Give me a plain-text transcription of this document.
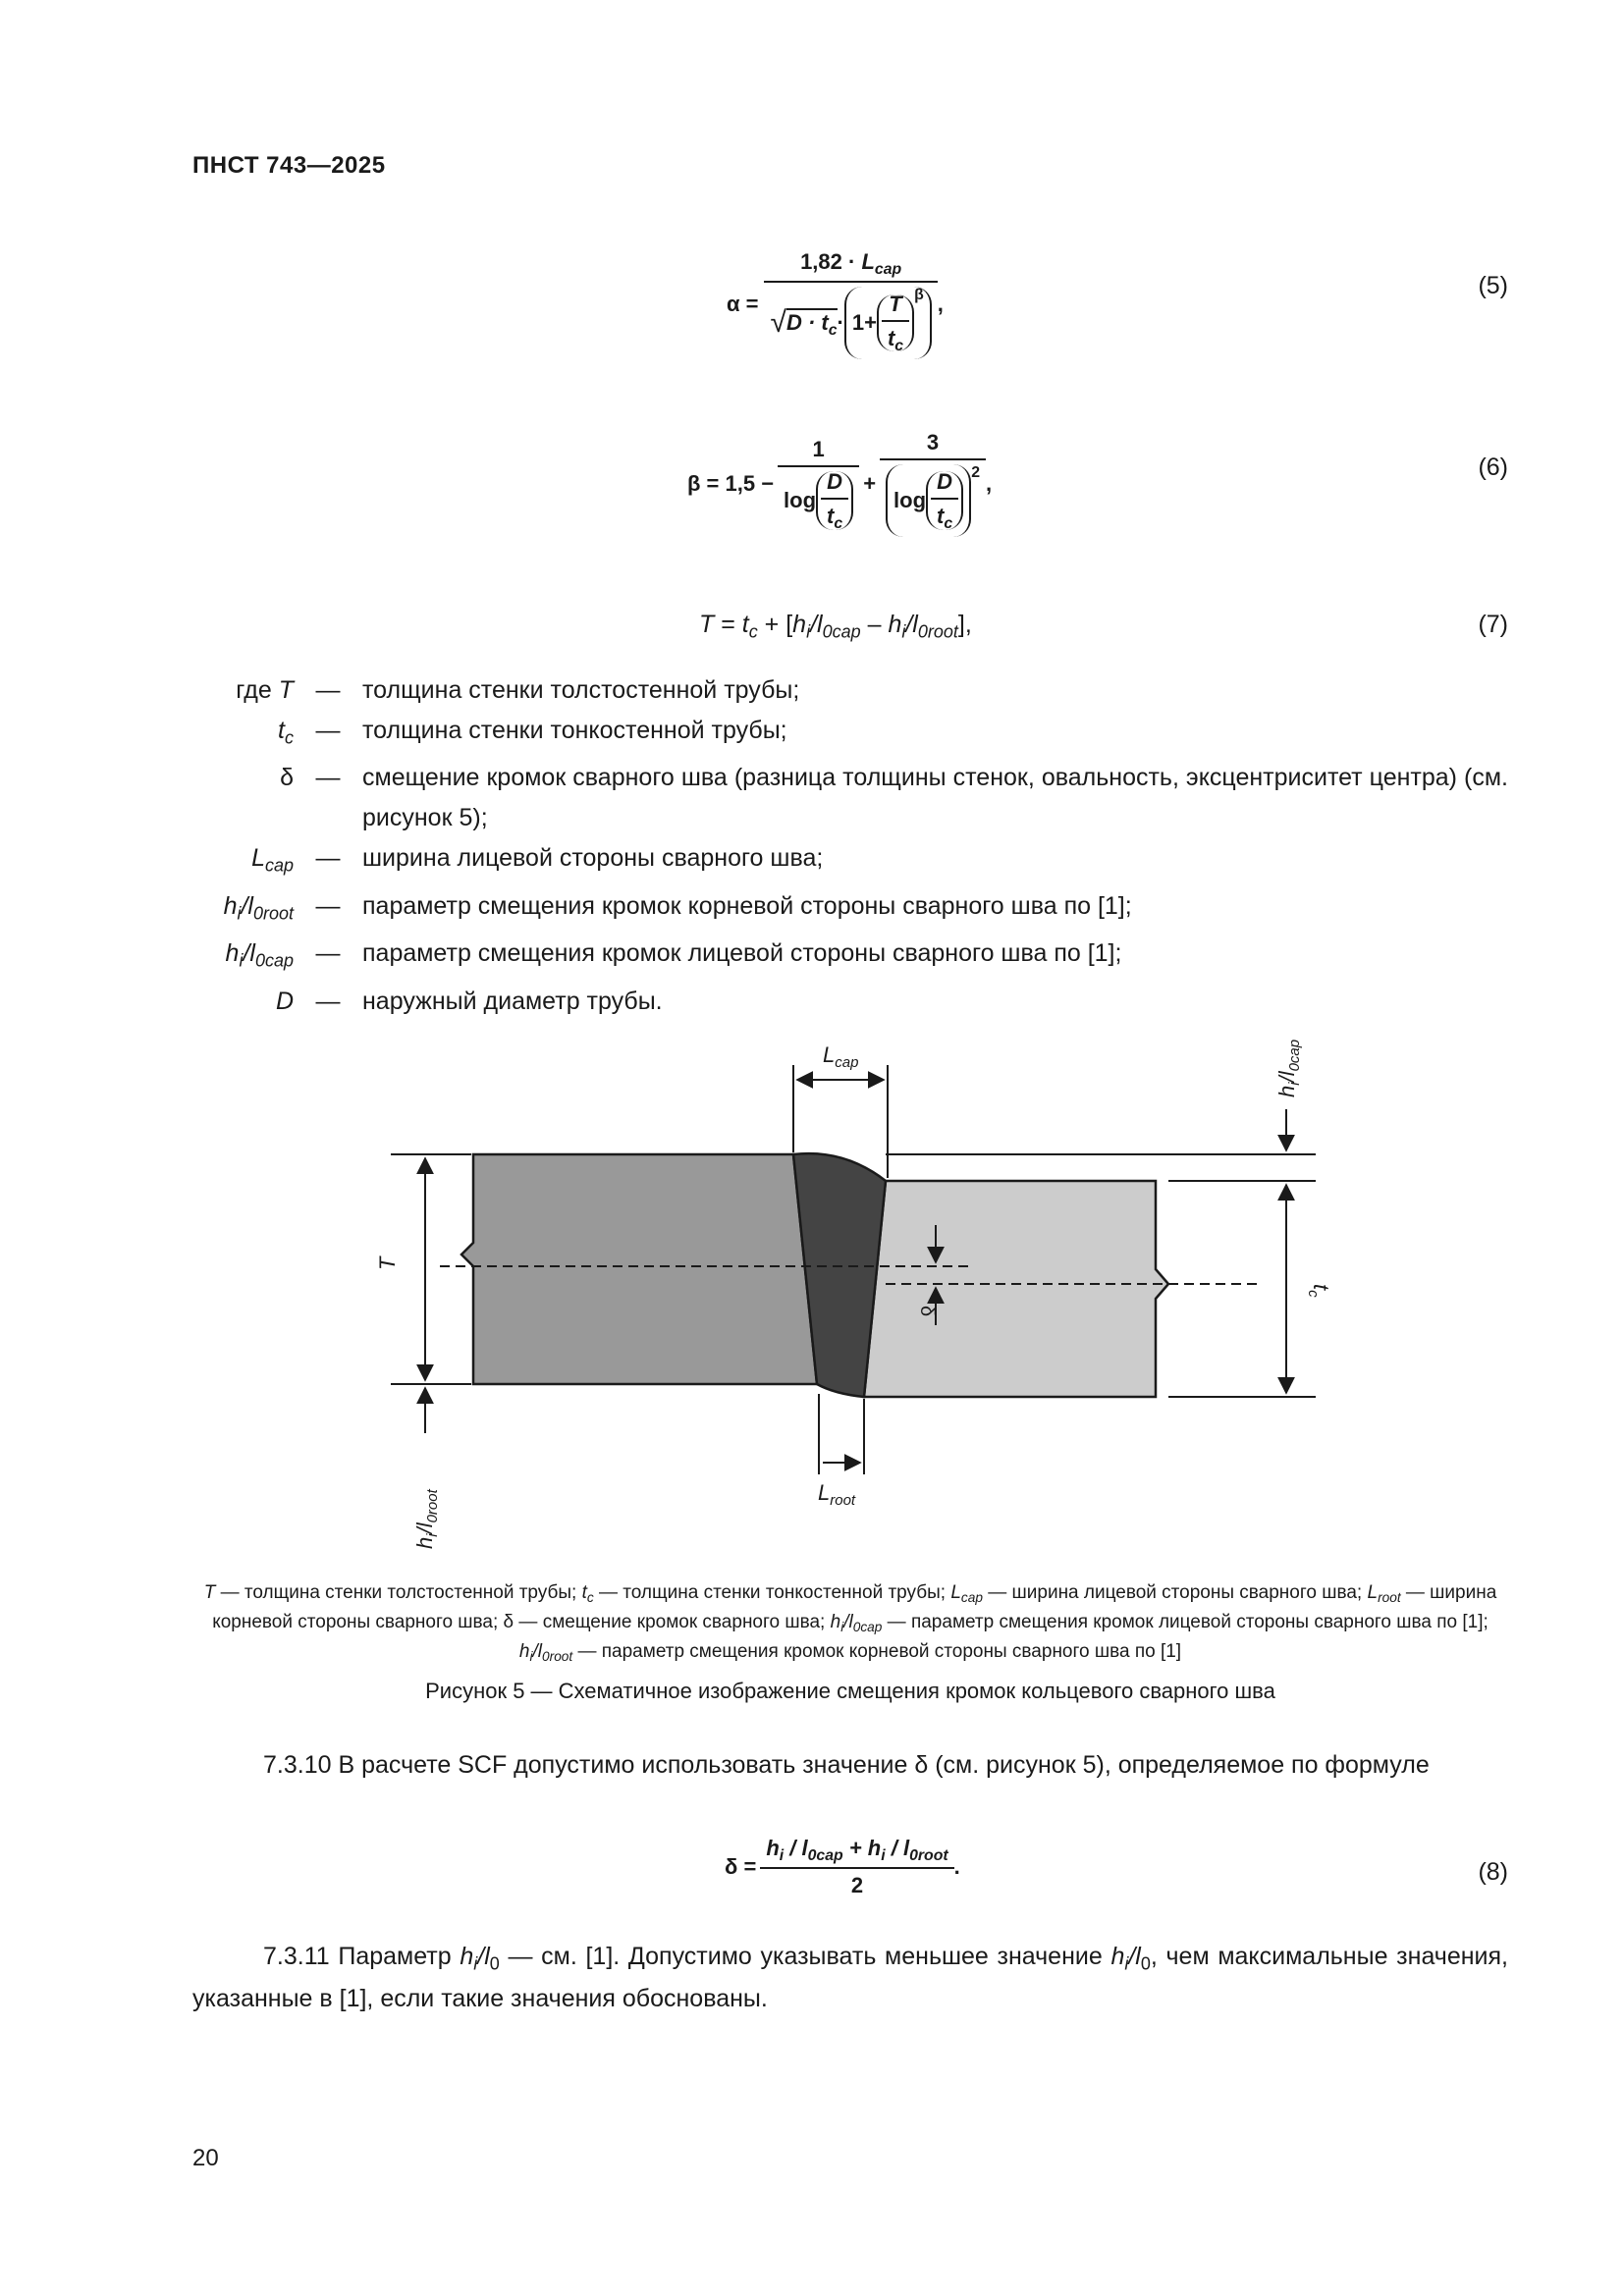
ПНСТ 743—2025
α =
$1,82 \cdot L_{cap}$
√ $D \cdot t_c \cdot 1+ \frac{T}{t_c} ^\beta$ ,
(5)
$\beta = 1,5 - \frac{1}{\log \frac{D}{t_c}} + \frac{3}{\log \frac{D}{t_c} ^2}$ ,
(6)
$T = t_c + [h_i/l_{0cap} - h_i/l_{0root}]$,	(7)
где T — толщина стенки толстостенной трубы;
$t_c$ — толщина стенки тонкостенной трубы;
δ — смещение кромок сварного шва (разница толщины стенок, овальность, эксцентриситет центра) (см. рисунок 5);
$L_{cap}$ — ширина лицевой стороны сварного шва;
$h_i/l_{0root}$ — параметр смещения кромок корневой стороны сварного шва по [1];
$h_i/l_{0cap}$ — параметр смещения кромок лицевой стороны сварного шва по [1];
D — наружный диаметр трубы.
$L_{cap}$
$L_{root}$
T
$t_c$
δ
$h_i/l_{0cap}$
$h_i/l_{0root}$
T — толщина стенки толстостенной трубы; $t_c$ — толщина стенки тонкостенной трубы; $L_{cap}$ — ширина лицевой стороны сварного шва; $L_{root}$ — ширина корневой стороны сварного шва; δ — смещение кромок сварного шва; $h_i/l_{0cap}$ — параметр смещения кромок лицевой стороны сварного шва по [1]; $h_i/l_{0root}$ — параметр смещения кромок корневой стороны сварного шва по [1]
Рисунок 5 — Схематичное изображение смещения кромок кольцевого сварного шва
7.3.10 В расчете SCF допустимо использовать значение δ (см. рисунок 5), определяемое по формуле
$\delta = \frac{h_i / l_{0cap} + h_i / l_{0root}}{2}$ .	(8)
7.3.11 Параметр $h_i/l_0$ — см. [1]. Допустимо указывать меньшее значение $h_i/l_0$, чем максимальные значения, указанные в [1], если такие значения обоснованы.
20
